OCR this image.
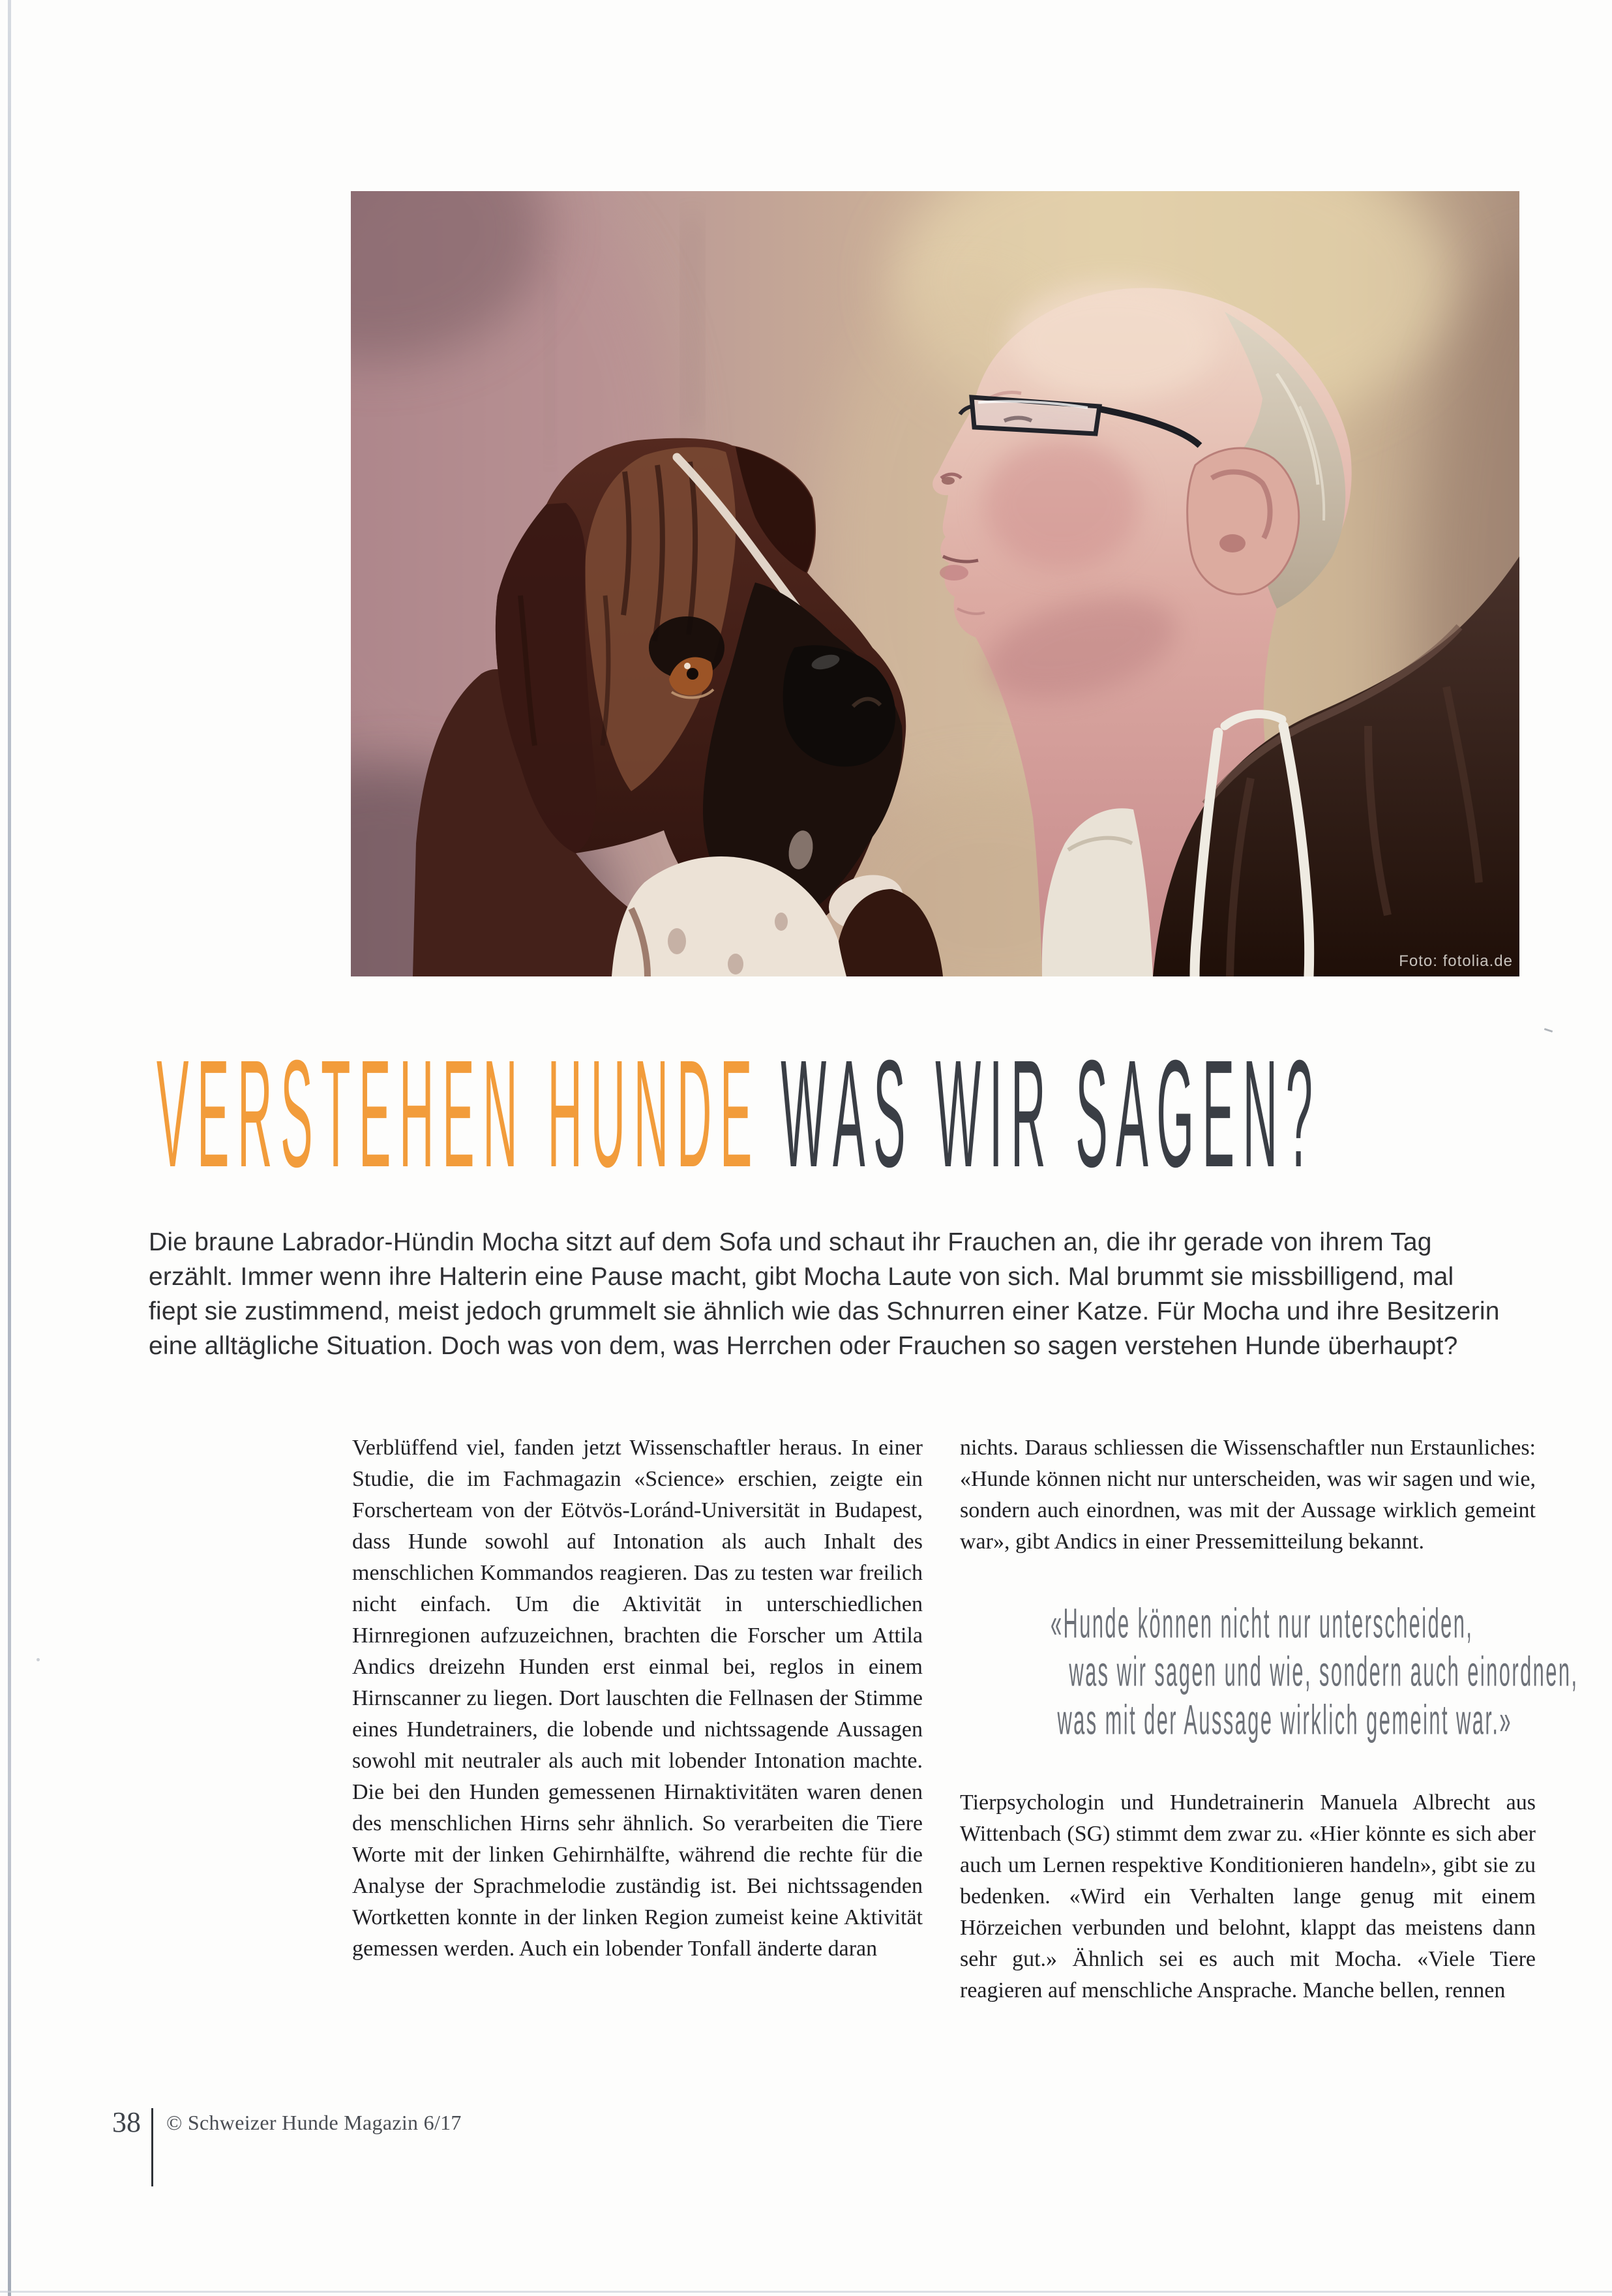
Foto: fotolia.de
VERSTEHEN HUNDE WAS WIR SAGEN?
Die braune Labrador-Hündin Mocha sitzt auf dem Sofa und schaut ihr Frauchen an, die ihr gerade von ihrem Tag erzählt. Immer wenn ihre Halterin eine Pause macht, gibt Mocha Laute von sich. Mal brummt sie missbilligend, mal fiept sie zustimmend, meist jedoch grummelt sie ähnlich wie das Schnurren einer Katze. Für Mocha und ihre Besitzerin eine alltägliche Situation. Doch was von dem, was Herrchen oder Frauchen so sagen verstehen Hunde überhaupt?

Verblüffend viel, fanden jetzt Wissenschaftler heraus. In einer Studie, die im Fachmagazin «Science» erschien, zeigte ein Forscherteam von der Eötvös-Loránd-Universität in Budapest, dass Hunde sowohl auf Intonation als auch Inhalt des menschlichen Kommandos reagieren. Das zu testen war freilich nicht einfach. Um die Aktivität in unterschiedlichen Hirnregionen aufzuzeichnen, brachten die Forscher um Attila Andics dreizehn Hunden erst einmal bei, reglos in einem Hirnscanner zu liegen. Dort lauschten die Fellnasen der Stimme eines Hundetrainers, die lobende und nichtssagende Aussagen sowohl mit neutraler als auch mit lobender Intonation machte. Die bei den Hunden gemessenen Hirnaktivitäten waren denen des menschlichen Hirns sehr ähnlich. So verarbeiten die Tiere Worte mit der linken Gehirnhälfte, während die rechte für die Analyse der Sprachmelodie zuständig ist. Bei nichtssagenden Wortketten konnte in der linken Region zumeist keine Aktivität gemessen werden. Auch ein lobender Tonfall änderte daran

nichts. Daraus schliessen die Wissenschaftler nun Erstaunliches: «Hunde können nicht nur unterscheiden, was wir sagen und wie, sondern auch einordnen, was mit der Aussage wirklich gemeint war», gibt Andics in einer Pressemitteilung bekannt.

«Hunde können nicht nur unterscheiden,
was wir sagen und wie, sondern auch einordnen,
was mit der Aussage wirklich gemeint war.»

Tierpsychologin und Hundetrainerin Manuela Albrecht aus Wittenbach (SG) stimmt dem zwar zu. «Hier könnte es sich aber auch um Lernen respektive Konditionieren handeln», gibt sie zu bedenken. «Wird ein Verhalten lange genug mit einem Hörzeichen verbunden und belohnt, klappt das meistens dann sehr gut.» Ähnlich sei es auch mit Mocha. «Viele Tiere reagieren auf menschliche Ansprache. Manche bellen, rennen

38 © Schweizer Hunde Magazin 6/17
